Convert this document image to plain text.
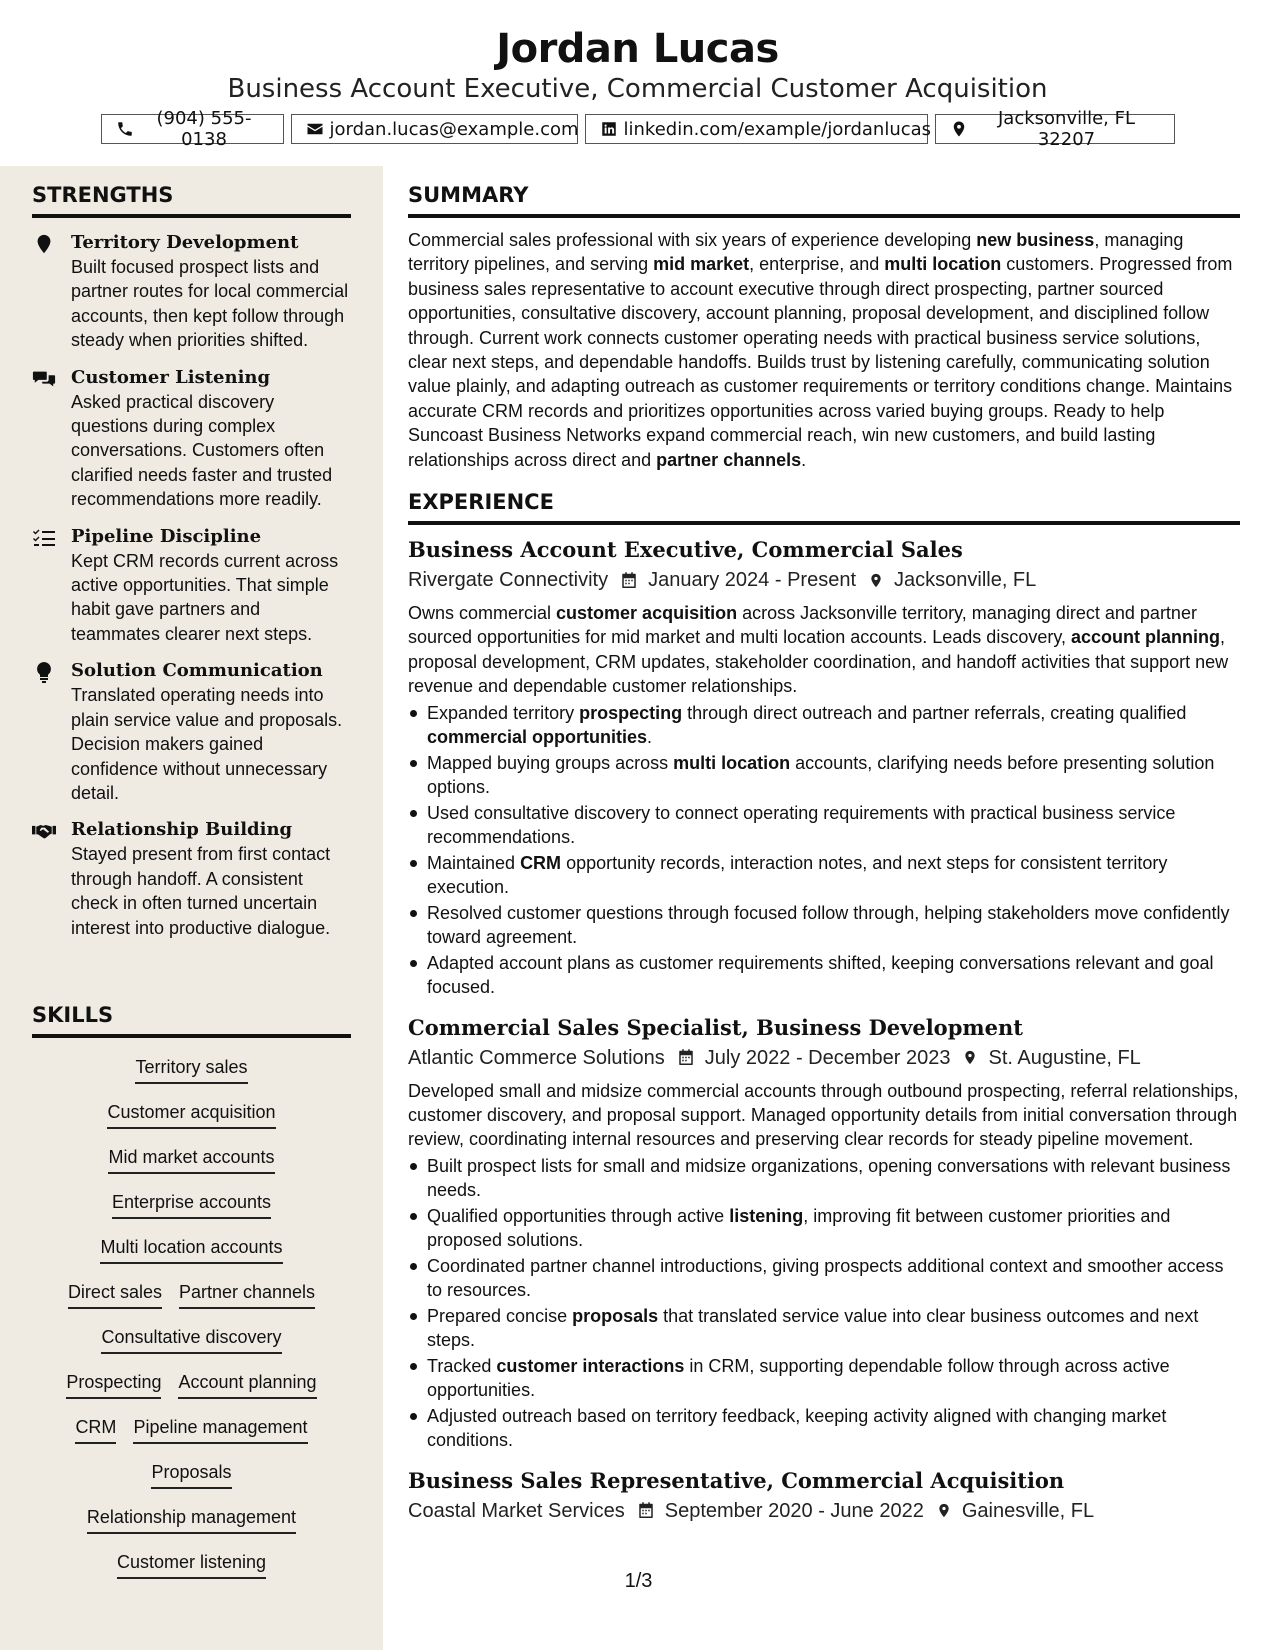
Jordan Lucas
Business Account Executive, Commercial Customer Acquisition
(904) 555-0138	jordan.lucas@example.com linkedin.com/example/jordanlucas	Jacksonville, FL 32207
STRENGTHS
Territory Development

Built focused prospect lists and partner routes for local commercial accounts, then kept follow through steady when priorities shifted.

Customer Listening

Asked practical discovery questions during complex conversations. Customers often clarified needs faster and trusted recommendations more readily.

Pipeline Discipline

Kept CRM records current across active opportunities. That simple habit gave partners and teammates clearer next steps.

Solution Communication

Translated operating needs into plain service value and proposals. Decision makers gained confidence without unnecessary detail.

Relationship Building

Stayed present from first contact through handoff. A consistent check in often turned uncertain interest into productive dialogue.

SKILLS
Territory sales
Customer acquisition
Mid market accounts
Enterprise accounts
Multi location accounts
Direct sales Partner channels
Consultative discovery
Prospecting Account planning
CRM Pipeline management
Proposals
Relationship management
Customer listening
SUMMARY

Commercial sales professional with six years of experience developing new business, managing territory pipelines, and serving mid market, enterprise, and multi location customers. Progressed from business sales representative to account executive through direct prospecting, partner sourced opportunities, consultative discovery, account planning, proposal development, and disciplined follow through. Current work connects customer operating needs with practical business service solutions, clear next steps, and dependable handoffs. Builds trust by listening carefully, communicating solution value plainly, and adapting outreach as customer requirements or territory conditions change. Maintains accurate CRM records and prioritizes opportunities across varied buying groups. Ready to help Suncoast Business Networks expand commercial reach, win new customers, and build lasting relationships across direct and partner channels.

EXPERIENCE
Business Account Executive, Commercial Sales
Rivergate Connectivity January 2024 - Present Jacksonville, FL

Owns commercial customer acquisition across Jacksonville territory, managing direct and partner sourced opportunities for mid market and multi location accounts. Leads discovery, account planning, proposal development, CRM updates, stakeholder coordination, and handoff activities that support new revenue and dependable customer relationships.

Expanded territory prospecting through direct outreach and partner referrals, creating qualified commercial opportunities.
Mapped buying groups across multi location accounts, clarifying needs before presenting solution options.
Used consultative discovery to connect operating requirements with practical business service recommendations.
Maintained CRM opportunity records, interaction notes, and next steps for consistent territory execution.
Resolved customer questions through focused follow through, helping stakeholders move confidently toward agreement.
Adapted account plans as customer requirements shifted, keeping conversations relevant and goal focused.
Commercial Sales Specialist, Business Development
Atlantic Commerce Solutions July 2022 - December 2023 St. Augustine, FL

Developed small and midsize commercial accounts through outbound prospecting, referral relationships, customer discovery, and proposal support. Managed opportunity details from initial conversation through review, coordinating internal resources and preserving clear records for steady pipeline movement.

Built prospect lists for small and midsize organizations, opening conversations with relevant business needs.
Qualified opportunities through active listening, improving fit between customer priorities and proposed solutions.
Coordinated partner channel introductions, giving prospects additional context and smoother access to resources.
Prepared concise proposals that translated service value into clear business outcomes and next steps.
Tracked customer interactions in CRM, supporting dependable follow through across active opportunities.
Adjusted outreach based on territory feedback, keeping activity aligned with changing market conditions.
Business Sales Representative, Commercial Acquisition
Coastal Market Services September 2020 - June 2022 Gainesville, FL
1/3
